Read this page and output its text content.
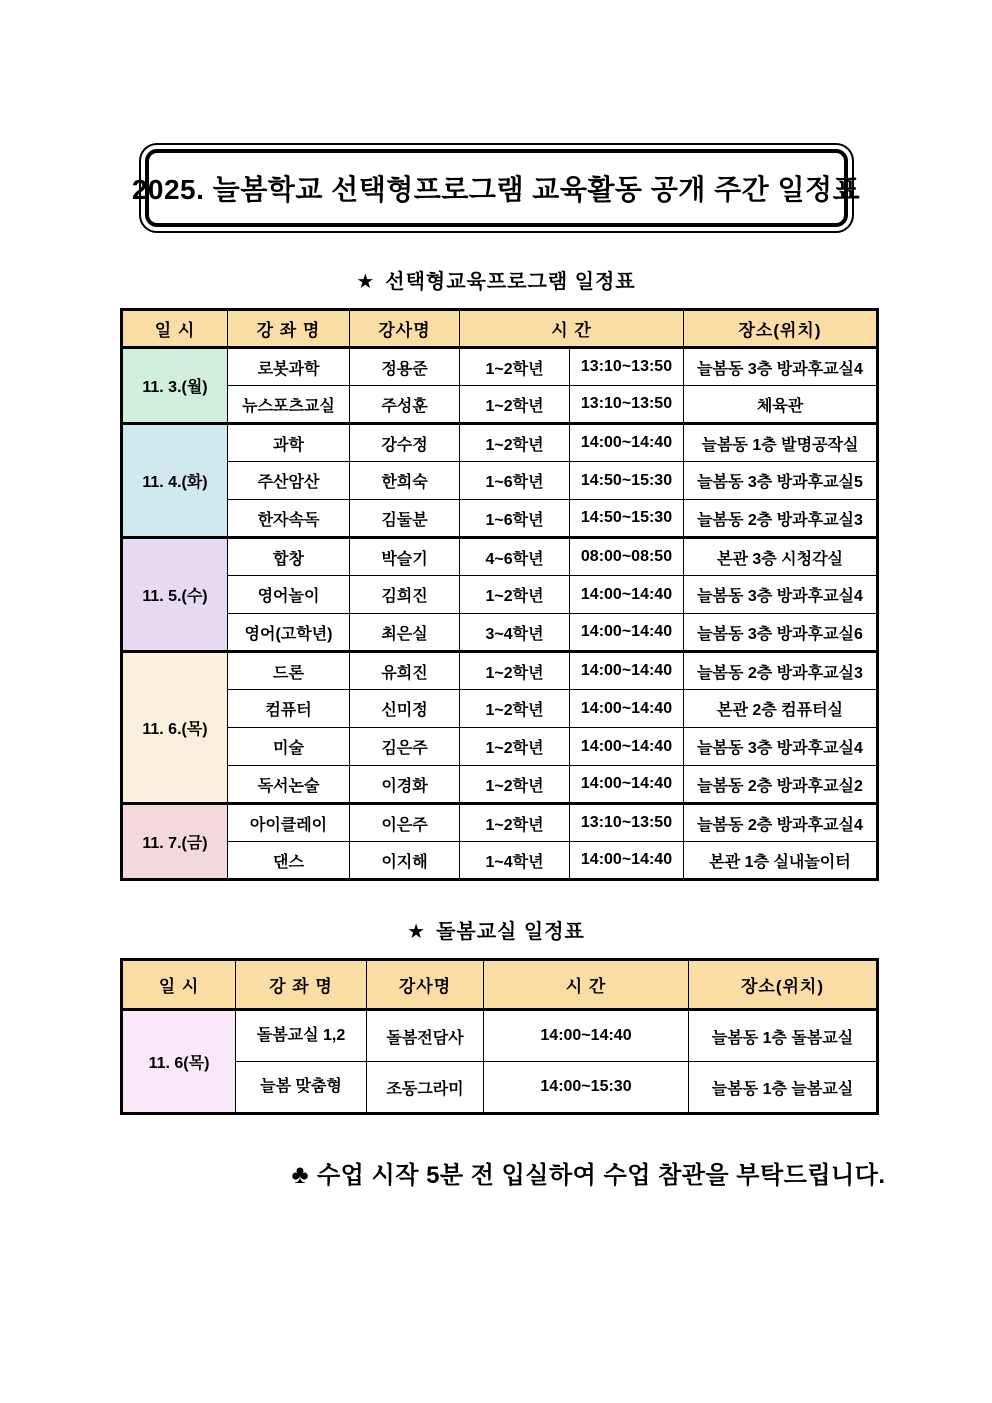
2025. 늘봄학교 선택형프로그램 교육활동 공개 주간 일정표
★ 선택형교육프로그램 일정표
일 시	강 좌 명	강사명	시 간		장소(위치)
11. 3.(월)	로봇과학	정용준	1~2학년	13:10~13:50	늘봄동 3층 방과후교실4
	뉴스포츠교실	주성훈	1~2학년	13:10~13:50	체육관
11. 4.(화)	과학	강수정	1~2학년	14:00~14:40	늘봄동 1층 발명공작실
	주산암산	한희숙	1~6학년	14:50~15:30	늘봄동 3층 방과후교실5
	한자속독	김둘분	1~6학년	14:50~15:30	늘봄동 2층 방과후교실3
11. 5.(수)	합창	박슬기	4~6학년	08:00~08:50	본관 3층 시청각실
	영어놀이	김희진	1~2학년	14:00~14:40	늘봄동 3층 방과후교실4
	영어(고학년)	최은실	3~4학년	14:00~14:40	늘봄동 3층 방과후교실6
11. 6.(목)	드론	유희진	1~2학년	14:00~14:40	늘봄동 2층 방과후교실3
	컴퓨터	신미정	1~2학년	14:00~14:40	본관 2층 컴퓨터실
	미술	김은주	1~2학년	14:00~14:40	늘봄동 3층 방과후교실4
	독서논술	이경화	1~2학년	14:00~14:40	늘봄동 2층 방과후교실2
11. 7.(금)	아이클레이	이은주	1~2학년	13:10~13:50	늘봄동 2층 방과후교실4
	댄스	이지해	1~4학년	14:00~14:40	본관 1층 실내놀이터
★ 돌봄교실 일정표
일 시	강 좌 명	강사명	시 간	장소(위치)
11. 6(목)	돌봄교실 1,2	돌봄전담사	14:00~14:40	늘봄동 1층 돌봄교실
	늘봄 맞춤형	조동그라미	14:00~15:30	늘봄동 1층 늘봄교실
♣ 수업 시작 5분 전 입실하여 수업 참관을 부탁드립니다.
